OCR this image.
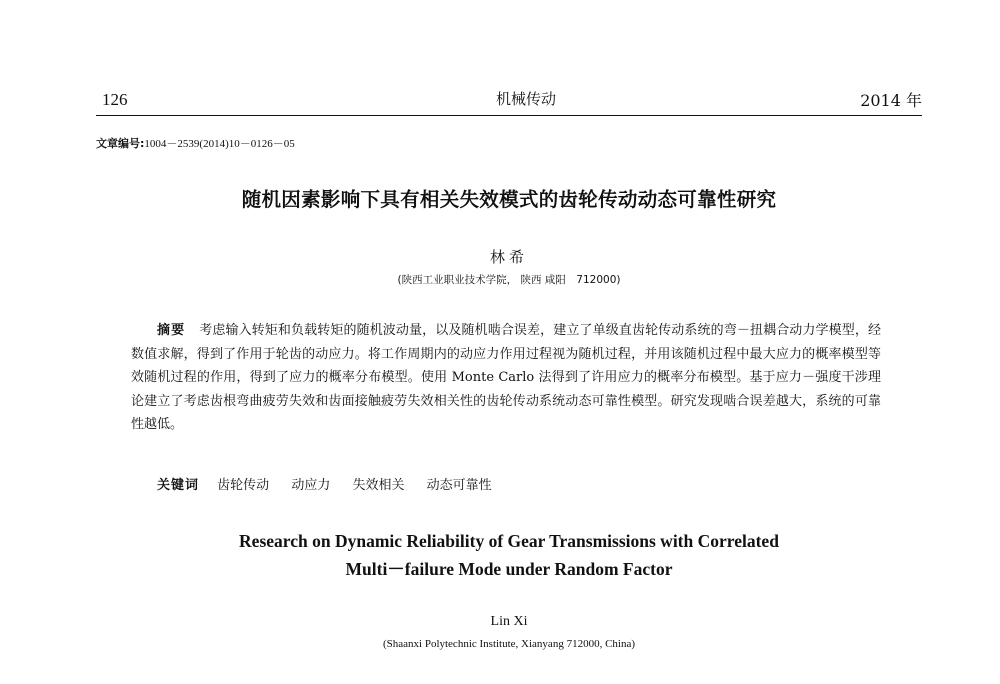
126	机械传动	2014 年
文章编号:1004－2539(2014)10－0126－05
随机因素影响下具有相关失效模式的齿轮传动动态可靠性研究
林希
(陕西工业职业技术学院， 陕西 咸阳　712000)

摘要 考虑输入转矩和负载转矩的随机波动量，以及随机啮合误差，建立了单级直齿轮传动系统的弯－扭耦合动力学模型，经数值求解，得到了作用于轮齿的动应力。将工作周期内的动应力作用过程视为随机过程，并用该随机过程中最大应力的概率模型等效随机过程的作用，得到了应力的概率分布模型。使用 Monte Carlo 法得到了许用应力的概率分布模型。基于应力－强度干涉理论建立了考虑齿根弯曲疲劳失效和齿面接触疲劳失效相关性的齿轮传动系统动态可靠性模型。研究发现啮合误差越大，系统的可靠性越低。

关键词 齿轮传动 动应力 失效相关 动态可靠性
Research on Dynamic Reliability of Gear Transmissions with Correlated
Multi－failure Mode under Random Factor
Lin Xi
(Shaanxi Polytechnic Institute, Xianyang 712000, China)
